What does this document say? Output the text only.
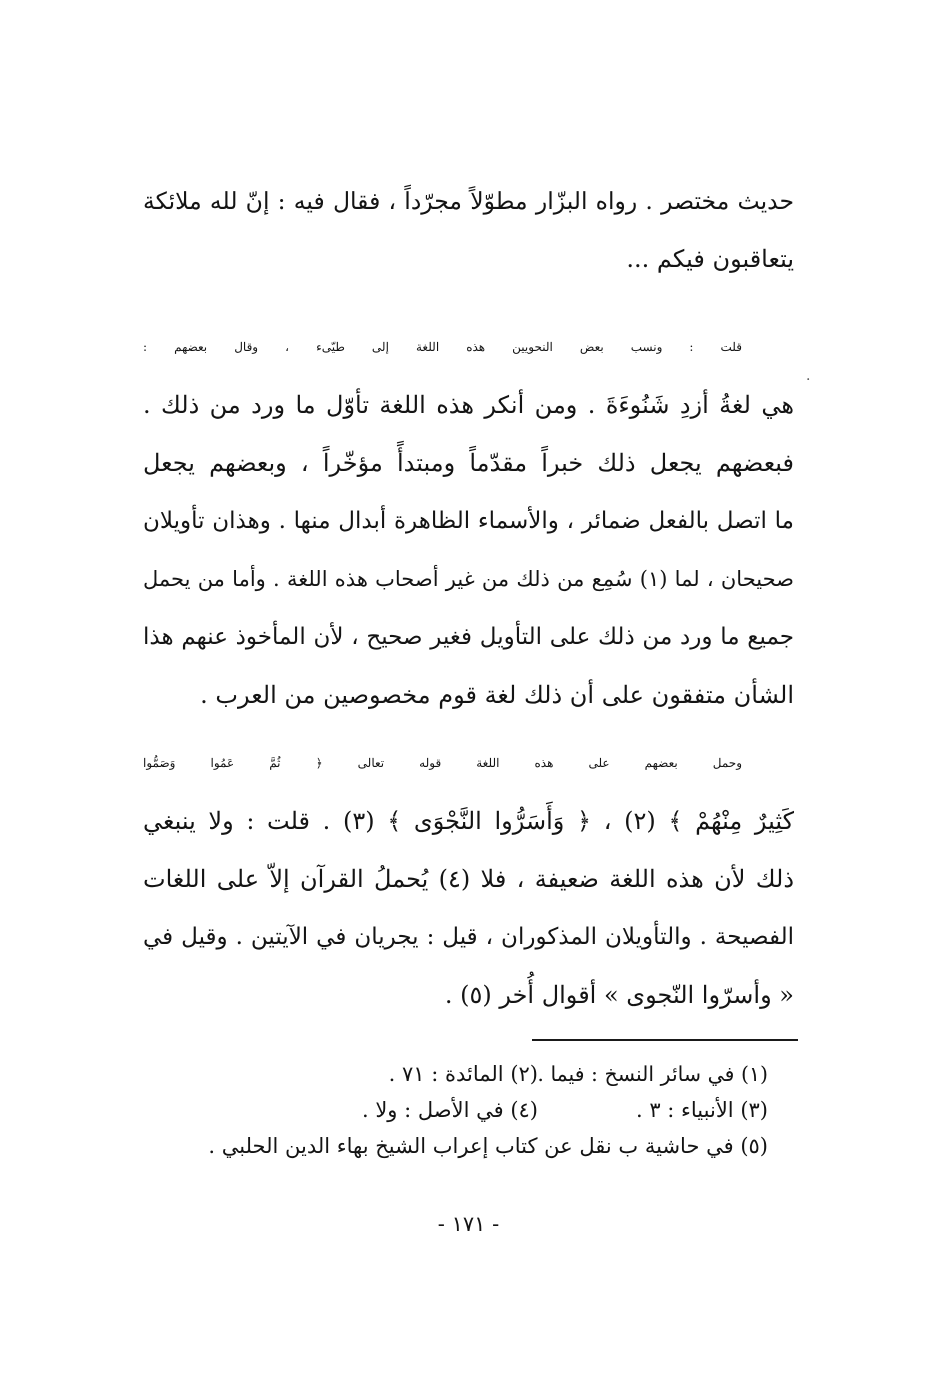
·
حديث مختصر . رواه البزّار مطوّلاً مجرّداً ، فقال فيه : إنّ لله ملائكة
يتعاقبون فيكم ...
قلت : ونسب بعض النحويين هذه اللغة إلى طيّىء ، وقال بعضهم :
هي لغةُ أزدِ شَنُوءَةَ . ومن أنكر هذه اللغة تأوّل ما ورد من ذلك .
فبعضهم يجعل ذلك خبراً مقدّماً ومبتدأً مؤخّراً ، وبعضهم يجعل
ما اتصل بالفعل ضمائر ، والأسماء الظاهرة أبدال منها . وهذان تأويلان
صحيحان ، لما (١) سُمِع من ذلك من غير أصحاب هذه اللغة . وأما من يحمل
جميع ما ورد من ذلك على التأويل فغير صحيح ، لأن المأخوذ عنهم هذا
الشأن متفقون على أن ذلك لغة قوم مخصوصين من العرب .
وحمل بعضهم على هذه اللغة قوله تعالى ﴿ ثُمَّ عَمُوا وَصَمُّوا
كَثِيرٌ مِنْهُمْ ﴾ (٢) ، ﴿ وَأَسَرُّوا النَّجْوَى ﴾ (٣) . قلت : ولا ينبغي
ذلك لأن هذه اللغة ضعيفة ، فلا (٤) يُحملُ القرآن إلاّ على اللغات
الفصيحة . والتأويلان المذكوران ، قيل : يجريان في الآيتين . وقيل في
« وأسرّوا النّجوى » أقوال أُخر (٥) .
(١) في سائر النسخ : فيما .
(٢) المائدة : ٧١ .
(٣) الأنبياء : ٣ .
(٤) في الأصل : ولا .
(٥) في حاشية ب نقل عن كتاب إعراب الشيخ بهاء الدين الحلبي .
- ١٧١ -
